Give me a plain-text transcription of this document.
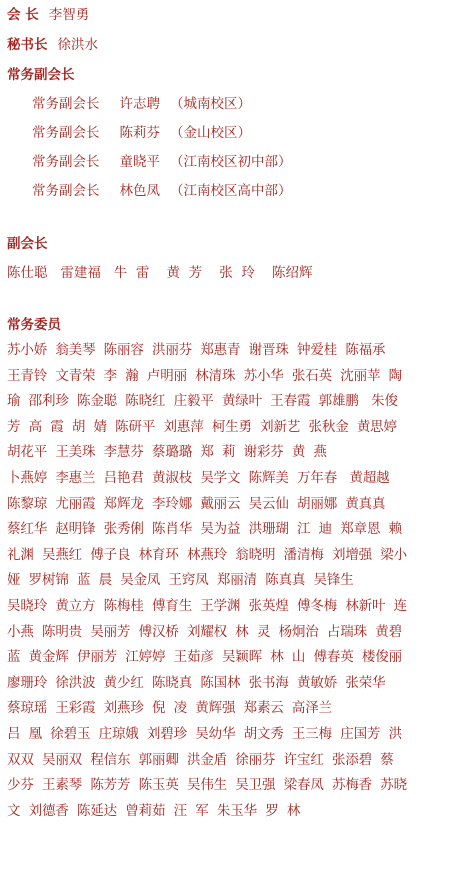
会 长 李智勇
秘书长 徐洪水
常务副会长
常务副会长 许志聘 （城南校区）
常务副会长 陈莉芬 （金山校区）
常务副会长 童晓平 （江南校区初中部）
常务副会长 林色凤 （江南校区高中部）
副会长
陈仕聪   雷建福   牛  雷    黄  芳    张  玲    陈绍辉
常务委员
苏小娇  翁美琴  陈丽容  洪丽芬  郑惠青  谢晋珠  钟爱桂  陈福承
王青铃  文青荣  李  瀚  卢明丽  林清珠  苏小华  张石英  沈丽苹  陶
瑜  邵利珍  陈金聪  陈晓红  庄毅平  黄绿叶  王春霞  郭雄鹏   朱俊
芳  高  霞  胡  婧  陈研平  刘惠萍  柯生勇  刘新艺  张秋金  黄思婷
胡花平  王美珠  李慧芬  蔡璐璐  郑  莉  谢彩芬  黄  燕
卜燕婷  李惠兰  吕艳君  黄淑枝  吴学文  陈辉美  万年春   黄超越
陈黎琼  尤丽霞  郑辉龙  李玲娜  戴丽云  吴云仙  胡丽娜  黄真真
蔡红华  赵明锋  张秀俐  陈肖华  吴为益  洪珊瑚  江  迪  郑章恩  赖
礼渊  吴燕红  傅子良  林育环  林燕玲  翁晓明  潘清梅  刘增强  梁小
娅  罗树锦  蓝  晨  吴金凤  王窍凤  郑丽清  陈真真  吴锋生
吴晓玲  黄立方  陈梅桂  傅育生  王学渊  张英煌  傅冬梅  林新叶  连
小燕  陈明贵  吴丽芳  傅汉桥  刘耀权  林  灵  杨炯治  占瑞珠  黄碧
蓝  黄金辉  伊丽芳  江婷婷  王茹彦  吴颖晖  林  山  傅春英  楼俊丽
廖珊玲  徐洪波  黄少红  陈晓真  陈国林  张书海  黄敏娇  张荣华
蔡琼瑶  王彩霞  刘燕珍  倪  凌  黄辉强  郑素云  高泽兰
吕  凰  徐碧玉  庄琼娥  刘碧珍  吴幼华  胡文秀  王三梅  庄国芳  洪
双双  吴丽双  程信东  郭丽卿  洪金盾  徐丽芬  许宝红  张添碧  蔡
少芬  王素琴  陈芳芳  陈玉英  吴伟生  吴卫强  梁春凤  苏梅香  苏晓
文  刘德香  陈延达  曾莉茹  汪  军  朱玉华  罗  林
